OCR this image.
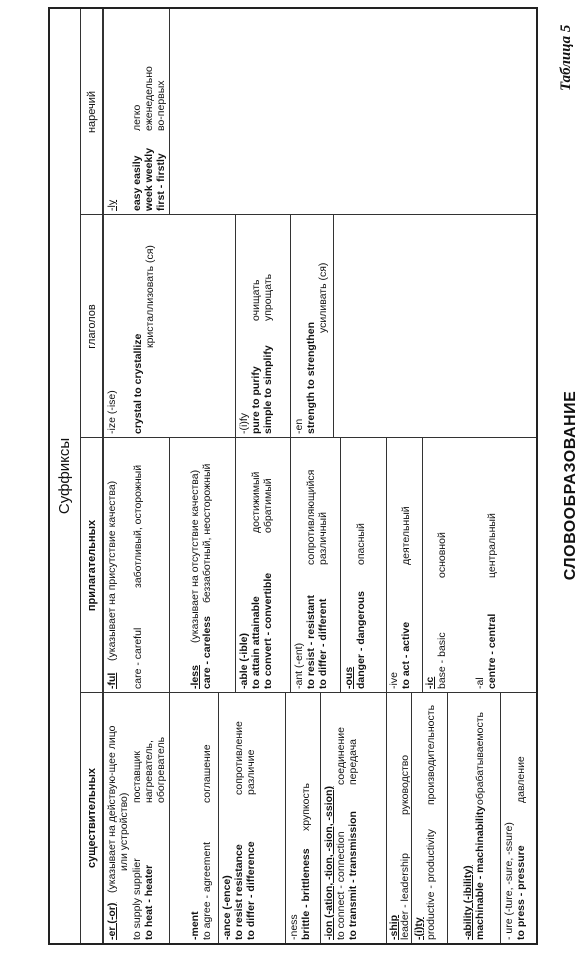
СЛОВООБРАЗОВАНИЕ
Таблица 5
Суффиксы
существительных
прилагательных
глаголов
наречий
-er (-or)
(указывает на действую-щее лицо или устройство)
to supply supplier
поставщик
to heat - heater
нагреватель, обогреватель
-ment to agree - agreement
соглашение
-ance (-ence) to resist resistance
сопротивление
to differ - difference
различие
-ness brittle - brittleness
хрупкость -ion (-ation, -tion, -sion, -ssion) to connect - connection
соединение
to transmit - transmission
передача
-ship leader - leadership
руководство
-(i)ty productive - productivity
производительность
-ability (-ibility) machinable - machinability
обрабатываемость
- ure (-ture, -sure, -ssure) to press - pressure
давление
-ful
(указывает на присутствие качества) care - careful
заботливый, осторожный
-less
(указывает на отсутствие качества)
care - careless
беззаботный, неосторожный
-able (-ible) to attain attainable
достижимый
to convert - convertible
обратимый
-ant (-ent) to resist - resistant
сопротивляющийся
to differ - different
различный
-ous danger - dangerous
опасный
-ive to act - active
деятельный
-ic base - basic
основной
-al centre - central
центральный
-ize (-ise) crystal to crystallize
кристаллизовать (ся)
-(i)fy pure to purify
очищать
simple to simplify
упрощать
-en strength to strengthen
усиливать (ся)
-ly easy easily
легко
week weekly
еженедельно
first - firstly
во-первых
